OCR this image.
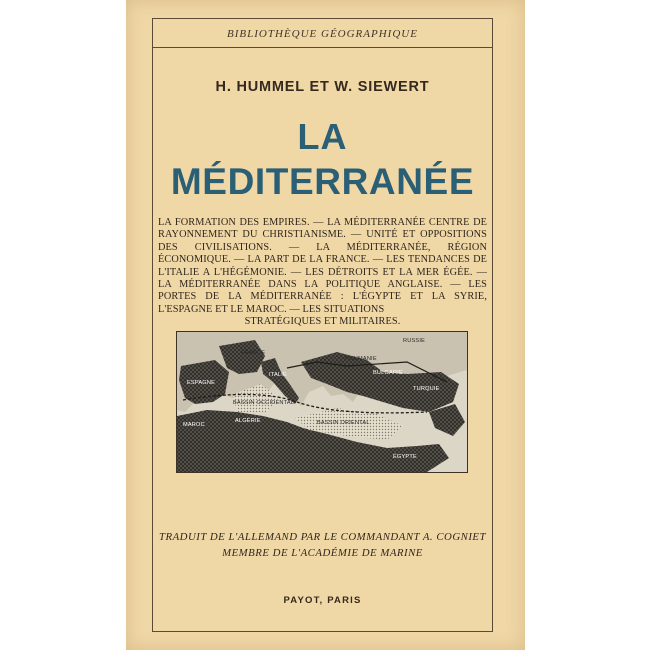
BIBLIOTHÈQUE GÉOGRAPHIQUE
H. HUMMEL ET W. SIEWERT
LA
MÉDITERRANÉE
LA FORMATION DES EMPIRES. — LA MÉDITERRANÉE CENTRE DE RAYONNEMENT DU CHRISTIANISME. — UNITÉ ET OPPOSITIONS DES CIVILISATIONS. — LA MÉDITERRANÉE, RÉGION ÉCONOMIQUE. — LA PART DE LA FRANCE. — LES TENDANCES DE L'ITALIE A L'HÉGÉMONIE. — LES DÉTROITS ET LA MER ÉGÉE. — LA MÉDITERRANÉE DANS LA POLITIQUE ANGLAISE. — LES PORTES DE LA MÉDITERRANÉE : L'ÉGYPTE ET LA SYRIE, L'ESPAGNE ET LE MAROC. — LES SITUATIONS
STRATÉGIQUES ET MILITAIRES.
FRANCE
RUSSIE
ROUMANIE
BULGARIE
ESPAGNE
ITALIE
TURQUIE
BASSIN OCCIDENTAL
BASSIN ORIENTAL
ALGÉRIE
MAROC
ÉGYPTE
TRADUIT DE L'ALLEMAND PAR LE COMMANDANT A. COGNIET
MEMBRE DE L'ACADÉMIE DE MARINE
PAYOT, PARIS
